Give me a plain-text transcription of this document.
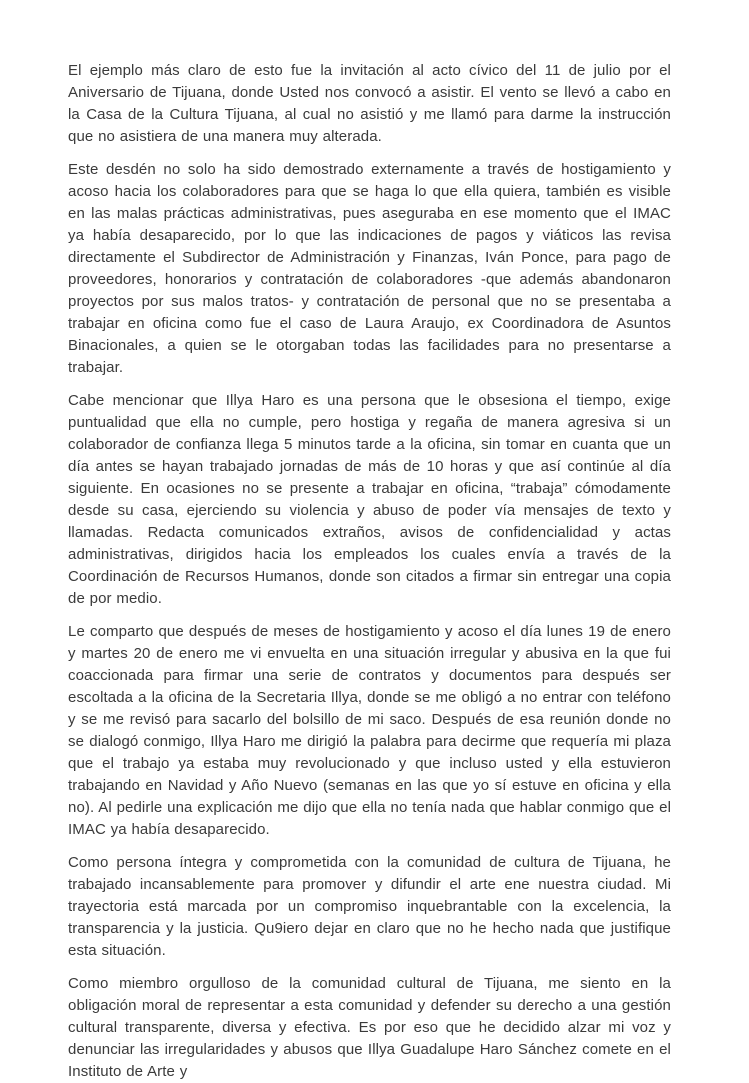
El ejemplo más claro de esto fue la invitación al acto cívico del 11 de julio por el Aniversario de Tijuana, donde Usted nos convocó a asistir. El vento se llevó a cabo en la Casa de la Cultura Tijuana, al cual no asistió y me llamó para darme la instrucción que no asistiera de una manera muy alterada.

Este desdén no solo ha sido demostrado externamente a través de hostigamiento y acoso hacia los colaboradores para que se haga lo que ella quiera, también es visible en las malas prácticas administrativas, pues aseguraba en ese momento que el IMAC ya había desaparecido, por lo que las indicaciones de pagos y viáticos las revisa directamente el Subdirector de Administración y Finanzas, Iván Ponce, para pago de proveedores, honorarios y contratación de colaboradores -que además abandonaron proyectos por sus malos tratos- y contratación de personal que no se presentaba a trabajar en oficina como fue el caso de Laura Araujo, ex Coordinadora de Asuntos Binacionales, a quien se le otorgaban todas las facilidades para no presentarse a trabajar.

Cabe mencionar que Illya Haro es una persona que le obsesiona el tiempo, exige puntualidad que ella no cumple, pero hostiga y regaña de manera agresiva si un colaborador de confianza llega 5 minutos tarde a la oficina, sin tomar en cuanta que un día antes se hayan trabajado jornadas de más de 10 horas y que así continúe al día siguiente. En ocasiones no se presente a trabajar en oficina, “trabaja” cómodamente desde su casa, ejerciendo su violencia y abuso de poder vía mensajes de texto y llamadas. Redacta comunicados extraños, avisos de confidencialidad y actas administrativas, dirigidos hacia los empleados los cuales envía a través de la Coordinación de Recursos Humanos, donde son citados a firmar sin entregar una copia de por medio.

Le comparto que después de meses de hostigamiento y acoso el día lunes 19 de enero y martes 20 de enero me vi envuelta en una situación irregular y abusiva en la que fui coaccionada para firmar una serie de contratos y documentos para después ser escoltada a la oficina de la Secretaria Illya, donde se me obligó a no entrar con teléfono y se me revisó para sacarlo del bolsillo de mi saco. Después de esa reunión donde no se dialogó conmigo, Illya Haro me dirigió la palabra para decirme que requería mi plaza que el trabajo ya estaba muy revolucionado y que incluso usted y ella estuvieron trabajando en Navidad y Año Nuevo (semanas en las que yo sí estuve en oficina y ella no). Al pedirle una explicación me dijo que ella no tenía nada que hablar conmigo que el IMAC ya había desaparecido.

Como persona íntegra y comprometida con la comunidad de cultura de Tijuana, he trabajado incansablemente para promover y difundir el arte ene nuestra ciudad. Mi trayectoria está marcada por un compromiso inquebrantable con la excelencia, la transparencia y la justicia. Qu9iero dejar en claro que no he hecho nada que justifique esta situación.

Como miembro orgulloso de la comunidad cultural de Tijuana, me siento en la obligación moral de representar a esta comunidad y defender su derecho a una gestión cultural transparente, diversa y efectiva. Es por eso que he decidido alzar mi voz y denunciar las irregularidades y abusos que Illya Guadalupe Haro Sánchez comete en el Instituto de Arte y
